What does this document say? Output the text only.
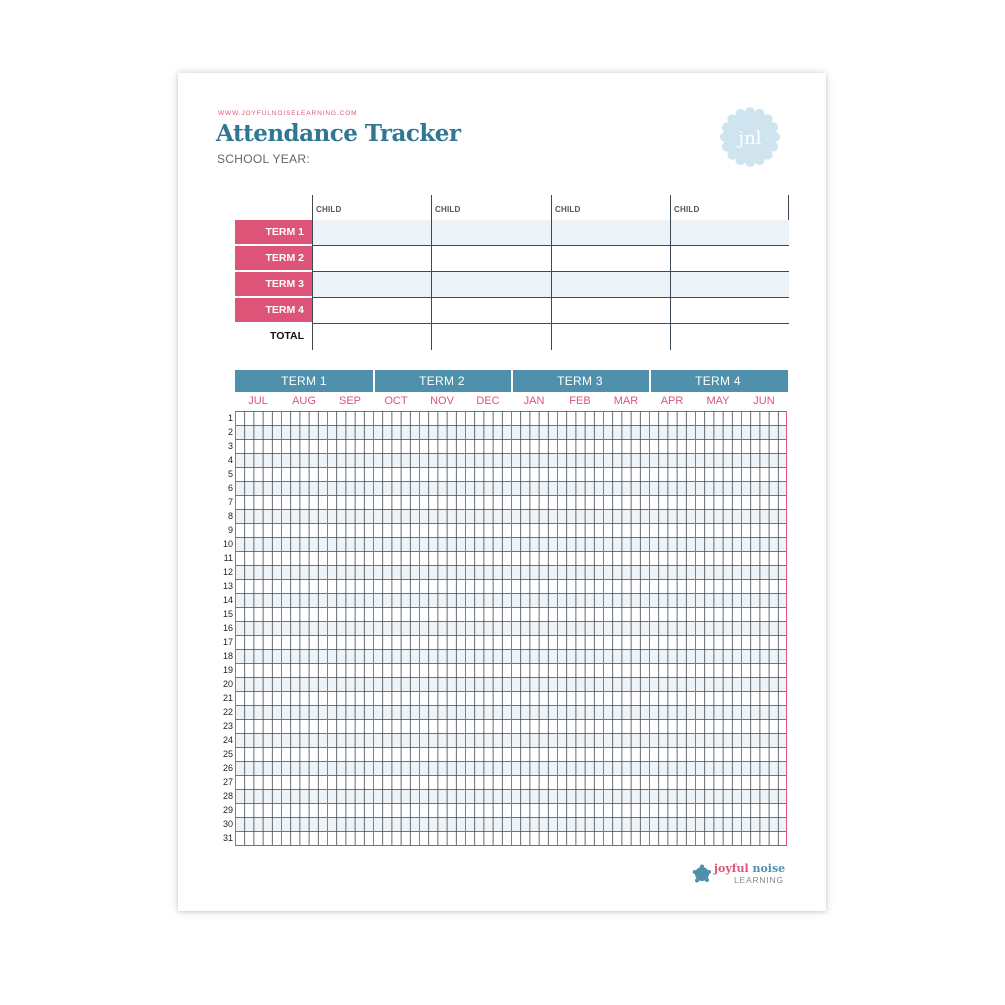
WWW.JOYFULNOISELEARNING.COM
Attendance Tracker
SCHOOL YEAR:
jnl
CHILD	CHILD	CHILD	CHILD
TERM 1
TERM 2
TERM 3
TERM 4
TOTAL
TERM 1	TERM 2	TERM 3	TERM 4
JUL	AUG	SEP	OCT	NOV	DEC	JAN	FEB	MAR	APR	MAY	JUN
1
2
3
4
5
6
7
8
9
10
11
12
13
14
15
16
17
18
19
20
21
22
23
24
25
26
27
28
29
30
31
joyful noise
LEARNING
